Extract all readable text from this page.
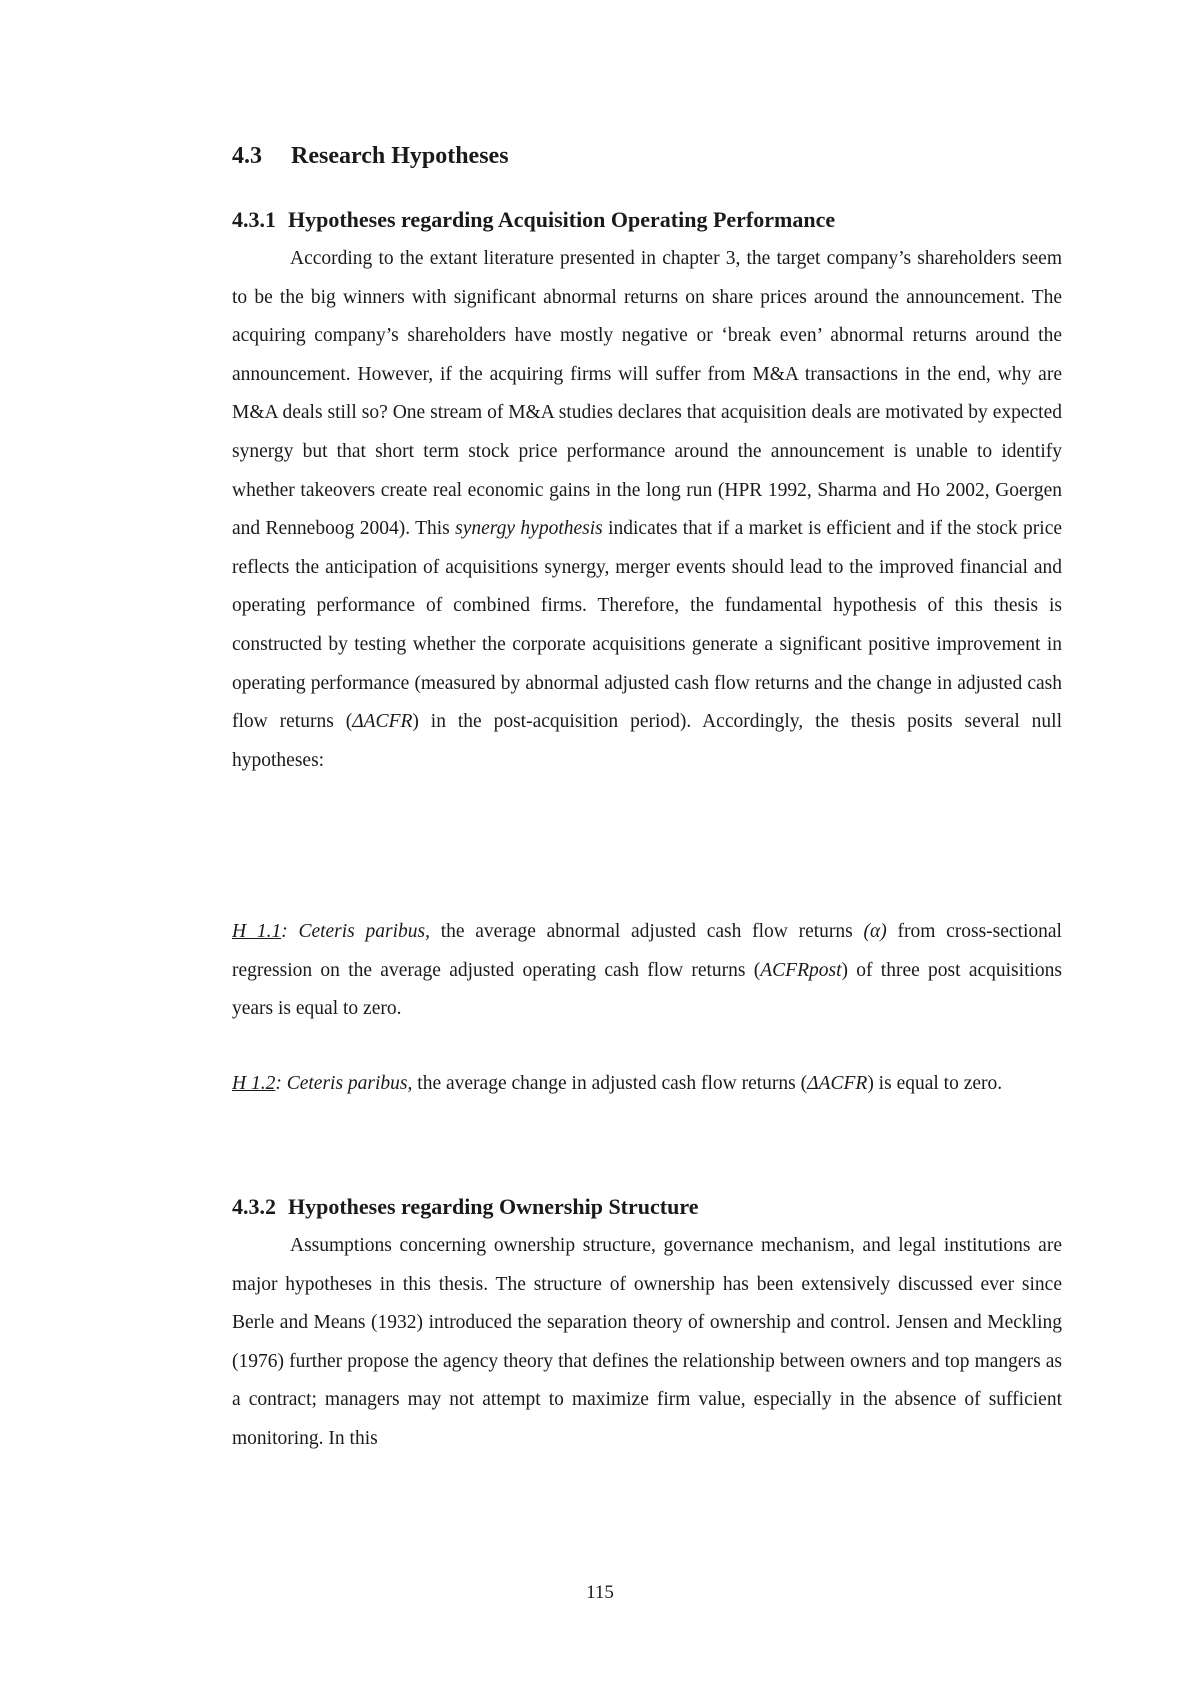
4.3 Research Hypotheses
4.3.1 Hypotheses regarding Acquisition Operating Performance

According to the extant literature presented in chapter 3, the target company’s shareholders seem to be the big winners with significant abnormal returns on share prices around the announcement. The acquiring company’s shareholders have mostly negative or ‘break even’ abnormal returns around the announcement. However, if the acquiring firms will suffer from M&A transactions in the end, why are M&A deals still so? One stream of M&A studies declares that acquisition deals are motivated by expected synergy but that short term stock price performance around the announcement is unable to identify whether takeovers create real economic gains in the long run (HPR 1992, Sharma and Ho 2002, Goergen and Renneboog 2004). This synergy hypothesis indicates that if a market is efficient and if the stock price reflects the anticipation of acquisitions synergy, merger events should lead to the improved financial and operating performance of combined firms. Therefore, the fundamental hypothesis of this thesis is constructed by testing whether the corporate acquisitions generate a significant positive improvement in operating performance (measured by abnormal adjusted cash flow returns and the change in adjusted cash flow returns (ΔACFR) in the post-acquisition period). Accordingly, the thesis posits several null hypotheses:

H 1.1: Ceteris paribus, the average abnormal adjusted cash flow returns (α) from cross-sectional regression on the average adjusted operating cash flow returns (ACFRpost) of three post acquisitions years is equal to zero.

H 1.2: Ceteris paribus, the average change in adjusted cash flow returns (ΔACFR) is equal to zero.

4.3.2 Hypotheses regarding Ownership Structure

Assumptions concerning ownership structure, governance mechanism, and legal institutions are major hypotheses in this thesis. The structure of ownership has been extensively discussed ever since Berle and Means (1932) introduced the separation theory of ownership and control. Jensen and Meckling (1976) further propose the agency theory that defines the relationship between owners and top mangers as a contract; managers may not attempt to maximize firm value, especially in the absence of sufficient monitoring. In this

115
